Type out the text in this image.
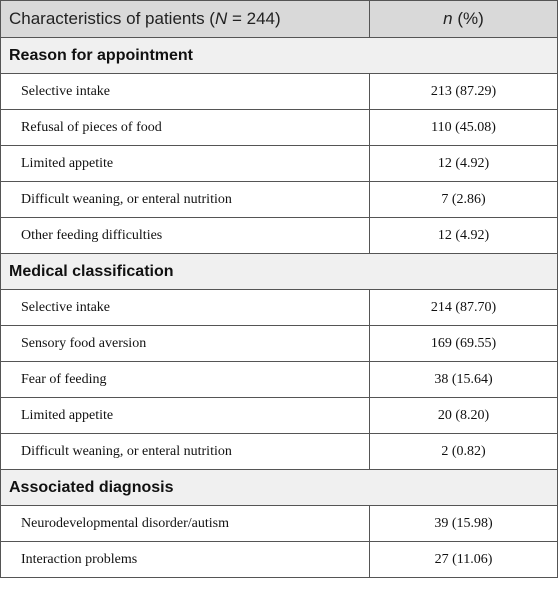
Characteristics of patients (N = 244)	n (%)
Reason for appointment	
Selective intake	213 (87.29)
Refusal of pieces of food	110 (45.08)
Limited appetite	12 (4.92)
Difficult weaning, or enteral nutrition	7 (2.86)
Other feeding difficulties	12 (4.92)
Medical classification	
Selective intake	214 (87.70)
Sensory food aversion	169 (69.55)
Fear of feeding	38 (15.64)
Limited appetite	20 (8.20)
Difficult weaning, or enteral nutrition	2 (0.82)
Associated diagnosis	
Neurodevelopmental disorder/autism	39 (15.98)
Interaction problems	27 (11.06)
